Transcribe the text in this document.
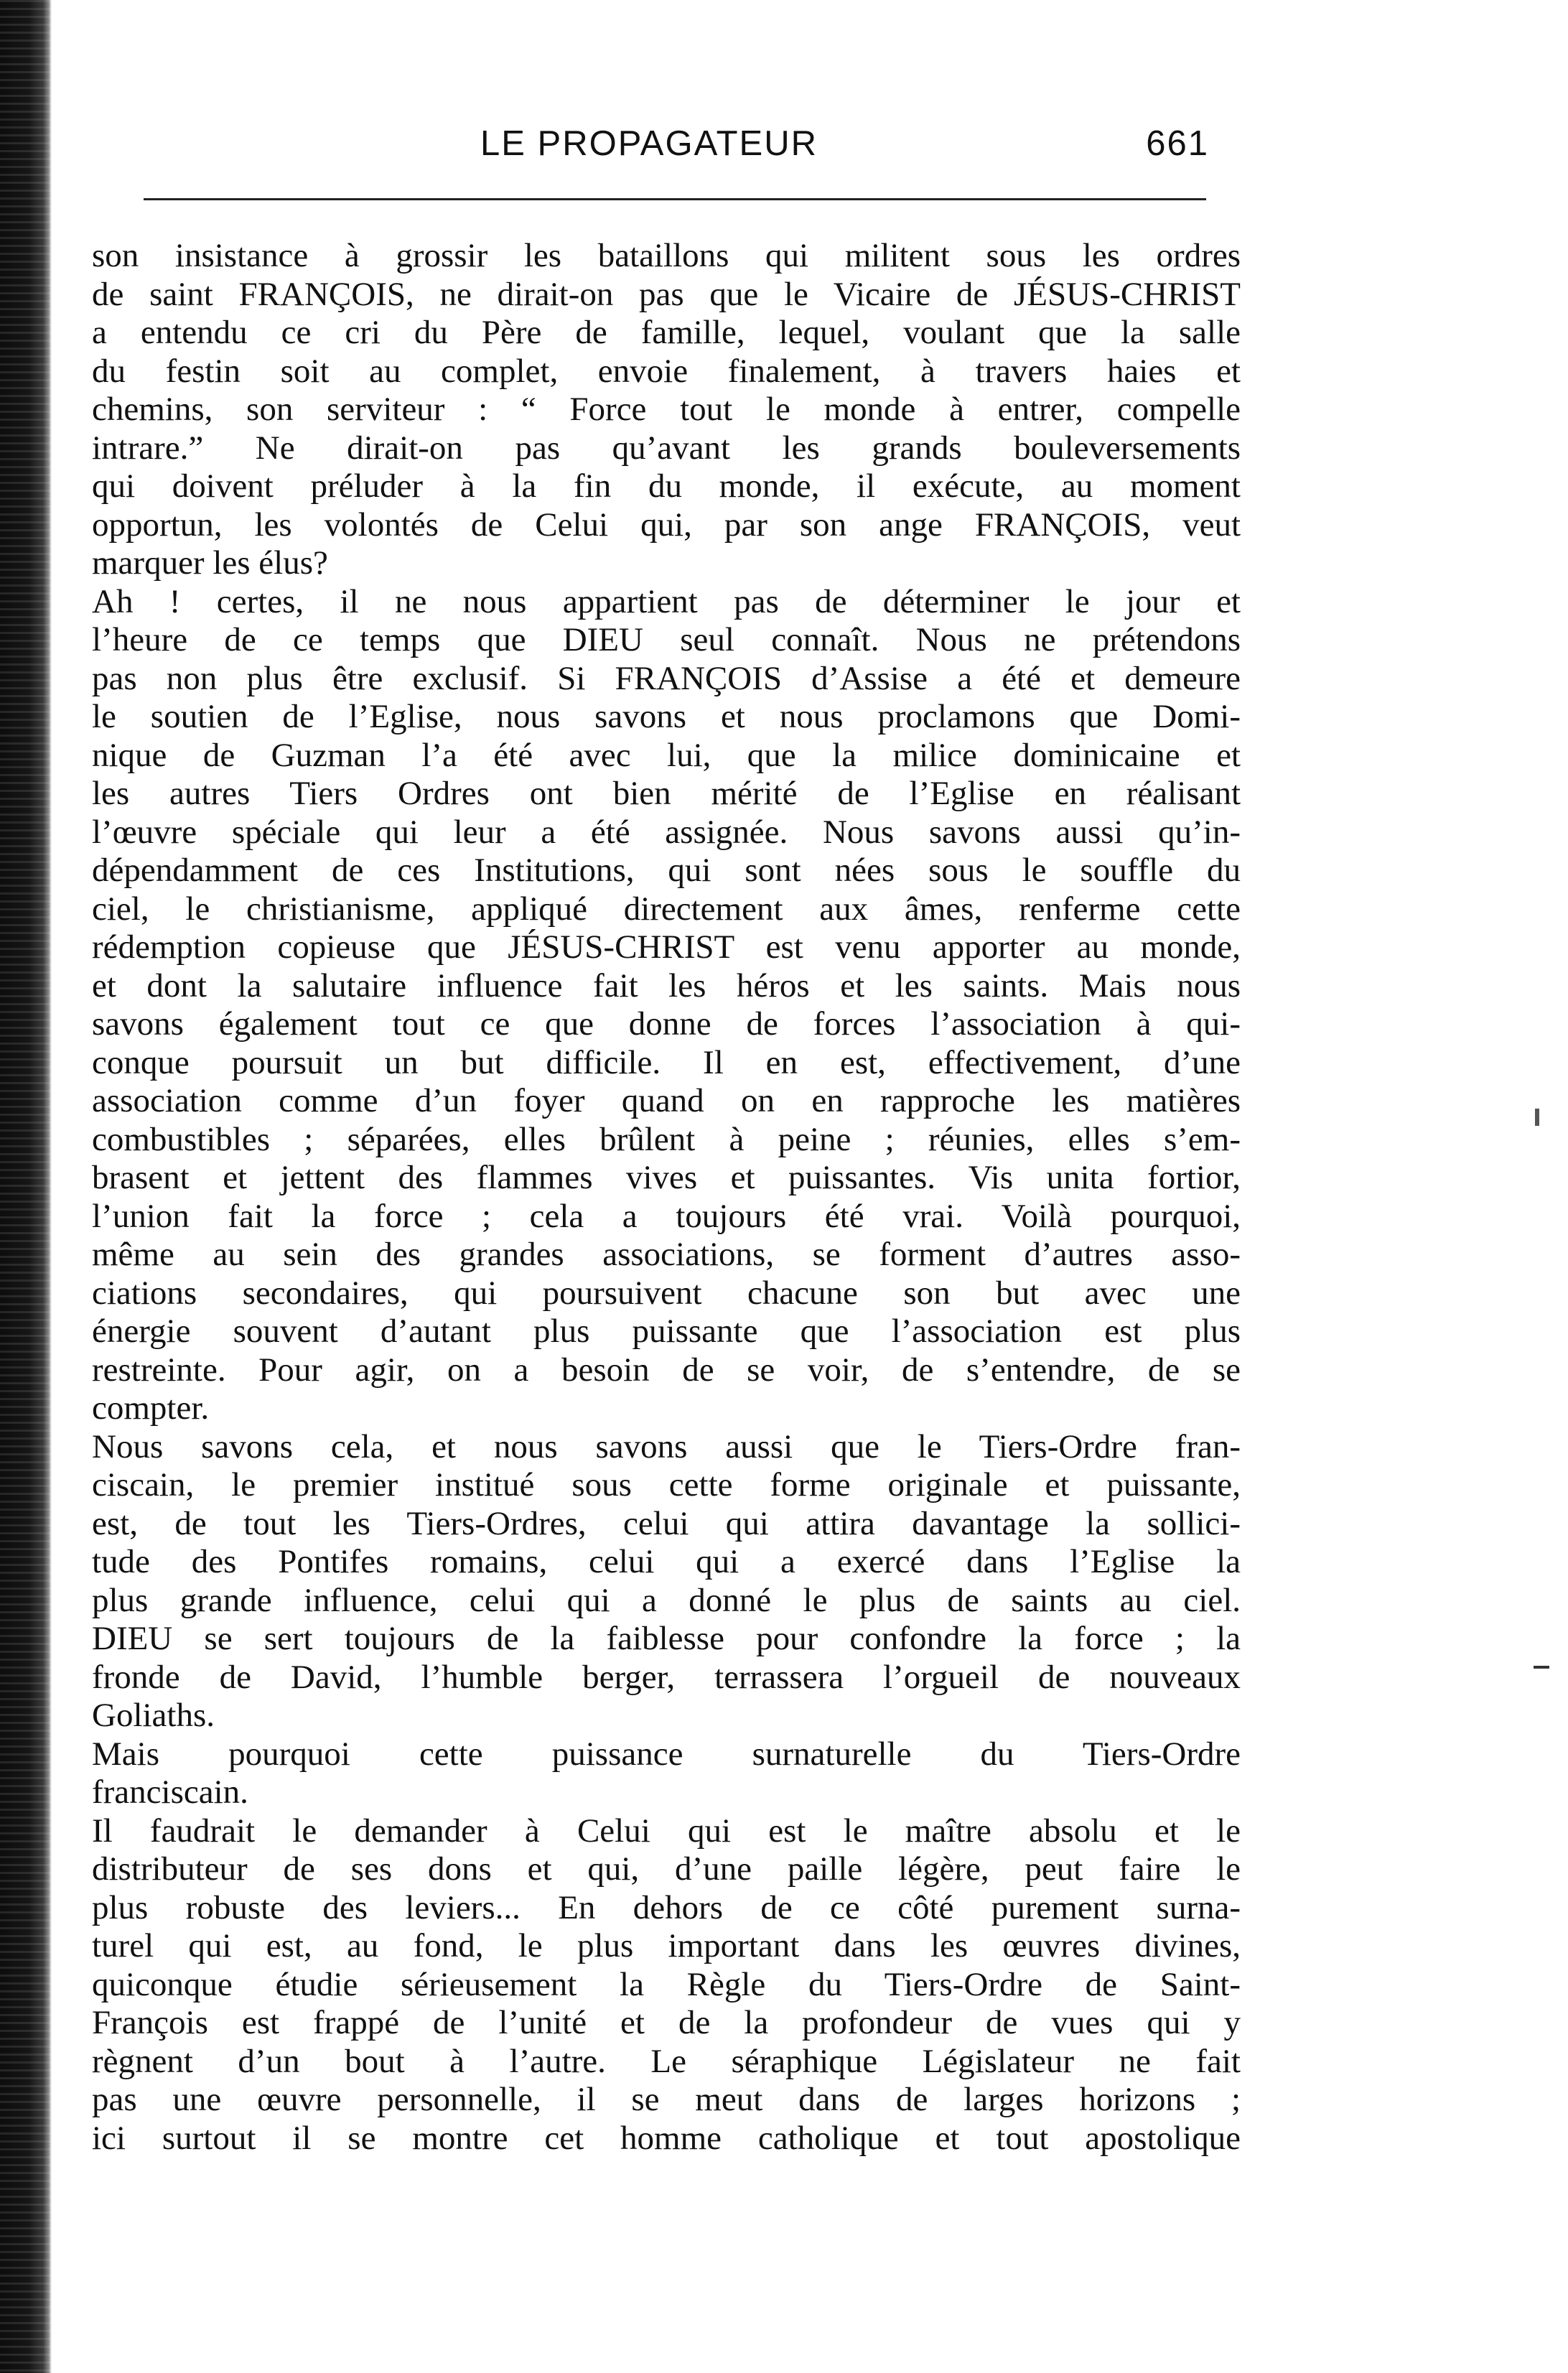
LE PROPAGATEUR	661
son insistance à grossir les bataillons qui militent sous les ordres
de saint FRANÇOIS, ne dirait-on pas que le Vicaire de JÉSUS-CHRIST
a entendu ce cri du Père de famille, lequel, voulant que la salle
du festin soit au complet, envoie finalement, à travers haies et
chemins, son serviteur : “ Force tout le monde à entrer, compelle
intrare.” Ne dirait-on pas qu’avant les grands bouleversements
qui doivent préluder à la fin du monde, il exécute, au moment
opportun, les volontés de Celui qui, par son ange FRANÇOIS, veut
marquer les élus?
Ah ! certes, il ne nous appartient pas de déterminer le jour et
l’heure de ce temps que DIEU seul connaît. Nous ne prétendons
pas non plus être exclusif. Si FRANÇOIS d’Assise a été et demeure
le soutien de l’Eglise, nous savons et nous proclamons que Domi-
nique de Guzman l’a été avec lui, que la milice dominicaine et
les autres Tiers Ordres ont bien mérité de l’Eglise en réalisant
l’œuvre spéciale qui leur a été assignée. Nous savons aussi qu’in-
dépendamment de ces Institutions, qui sont nées sous le souffle du
ciel, le christianisme, appliqué directement aux âmes, renferme cette
rédemption copieuse que JÉSUS-CHRIST est venu apporter au monde,
et dont la salutaire influence fait les héros et les saints. Mais nous
savons également tout ce que donne de forces l’association à qui-
conque poursuit un but difficile. Il en est, effectivement, d’une
association comme d’un foyer quand on en rapproche les matières
combustibles ; séparées, elles brûlent à peine ; réunies, elles s’em-
brasent et jettent des flammes vives et puissantes. Vis unita fortior,
l’union fait la force ; cela a toujours été vrai. Voilà pourquoi,
même au sein des grandes associations, se forment d’autres asso-
ciations secondaires, qui poursuivent chacune son but avec une
énergie souvent d’autant plus puissante que l’association est plus
restreinte. Pour agir, on a besoin de se voir, de s’entendre, de se
compter.
Nous savons cela, et nous savons aussi que le Tiers-Ordre fran-
ciscain, le premier institué sous cette forme originale et puissante,
est, de tout les Tiers-Ordres, celui qui attira davantage la sollici-
tude des Pontifes romains, celui qui a exercé dans l’Eglise la
plus grande influence, celui qui a donné le plus de saints au ciel.
DIEU se sert toujours de la faiblesse pour confondre la force ; la
fronde de David, l’humble berger, terrassera l’orgueil de nouveaux
Goliaths.
Mais pourquoi cette puissance surnaturelle du Tiers-Ordre
franciscain.
Il faudrait le demander à Celui qui est le maître absolu et le
distributeur de ses dons et qui, d’une paille légère, peut faire le
plus robuste des leviers... En dehors de ce côté purement surna-
turel qui est, au fond, le plus important dans les œuvres divines,
quiconque étudie sérieusement la Règle du Tiers-Ordre de Saint-
François est frappé de l’unité et de la profondeur de vues qui y
règnent d’un bout à l’autre. Le séraphique Législateur ne fait
pas une œuvre personnelle, il se meut dans de larges horizons ;
ici surtout il se montre cet homme catholique et tout apostolique
